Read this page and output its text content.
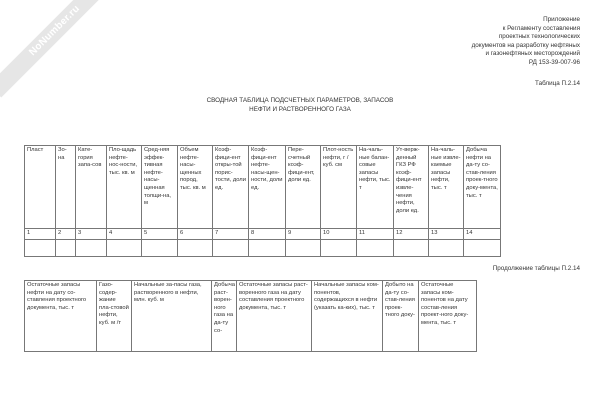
NoNumber.ru	Приложение
к Регламенту составления
проектных технологических
документов на разработку нефтяных
и газонефтяных месторождений
РД 153-39-007-96
Таблица П.2.14
СВОДНАЯ ТАБЛИЦА ПОДСЧЕТНЫХ ПАРАМЕТРОВ, ЗАПАСОВ
НЕФТИ И РАСТВОРЕННОГО ГАЗА
Пласт	Зо-на	Кате-гория запа-сов	Пло-щадь нефте-нос-ности, тыс. кв. м	Сред-няя эффек-тивная нефте-насы-щенная толщи-на, м	Объем нефте-насы-щенных пород, тыс. кв. м	Коэф-фици-ент откры-той порис-тости, доли ед.	Коэф-фици-ент нефте-насы-щен-ности, доли ед.	Пере-счетный коэф-фици-ент, доли ед.	Плот-ность нефти, г / куб. см	На-чаль-ные балан-совые запасы нефти, тыс. т	Ут-верж-денный ГКЗ РФ коэф-фици-ент извле-чения нефти, доли ед.	На-чаль-ные извле-каемые запасы нефти, тыс. т	Добыча нефти на да-ту со-став-ления проек-тного доку-мента, тыс. т
1	2	3	4	5	6	7	8	9	10	11	12	13	14

Продолжение таблицы П.2.14
Остаточные запасы нефти на дату со-ставления проектного документа, тыс. т	Газо-содер-жание пла-стовой нефти, куб. м /т	Начальные за-пасы газа, растворенного в нефти, млн. куб. м	Добыча раст-ворен-ного газа на да-ту со-	Остаточные запасы раст-воренного газа на дату составления проектного документа, тыс. т	Начальные запасы ком-понентов, содержащихся в нефти (указать ка-ких), тыс. т	Добыто на да-ту со-став-ления проек-тного доку-	Остаточные запасы ком-понентов на дату состав-ления проект-ного доку-мента, тыс. т
